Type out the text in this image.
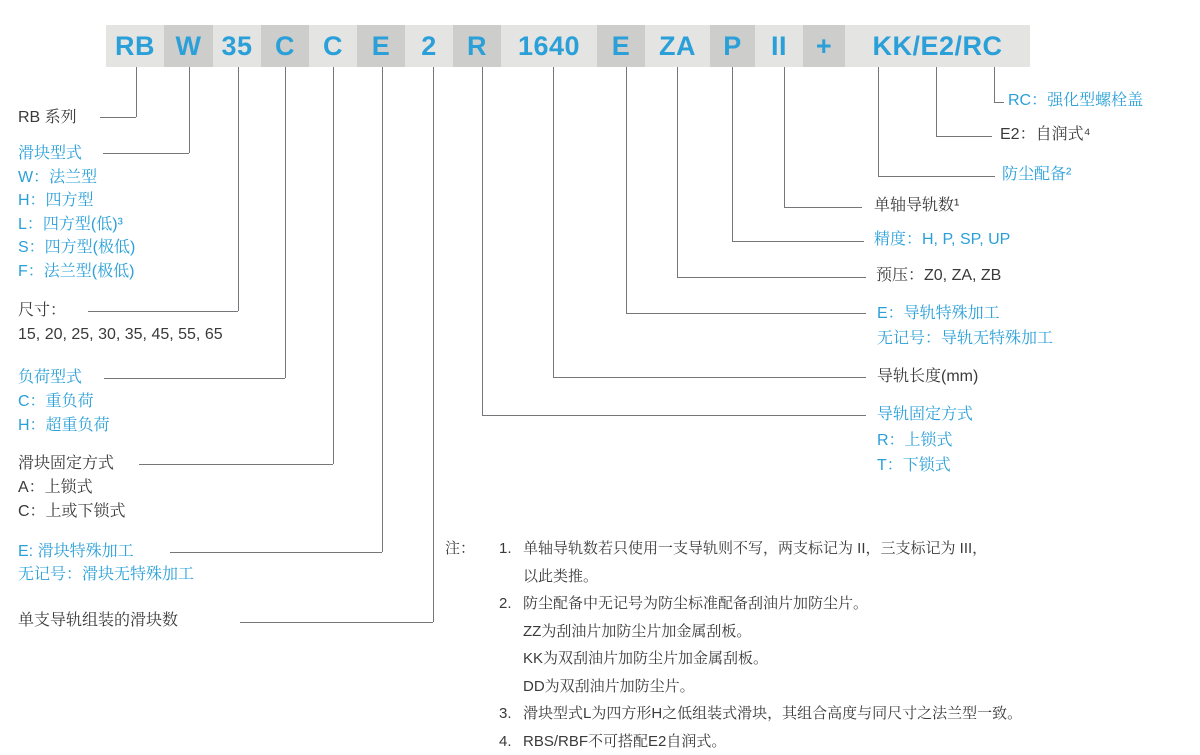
RB W 35 C	C	E	2	R	1640	E	ZA	P	II	+	KK/E2/RC
RB 系列
滑块型式
W：法兰型
H：四方型
L：四方型(低)³
S：四方型(极低)
F：法兰型(极低)
尺寸：
15, 20, 25, 30, 35, 45, 55, 65
负荷型式
C：重负荷
H：超重负荷
滑块固定方式
A：上锁式
C：上或下锁式
E: 滑块特殊加工
无记号：滑块无特殊加工
单支导轨组装的滑块数
RC：强化型螺栓盖
E2：自润式⁴
防尘配备²
单轴导轨数¹
精度：H, P, SP, UP
预压：Z0, ZA, ZB
E：导轨特殊加工
无记号：导轨无特殊加工
导轨长度(mm)
导轨固定方式
R：上锁式
T：下锁式
注：	1. 单轴导轨数若只使用一支导轨则不写，两支标记为 II，三支标记为 III，
以此类推。
2. 防尘配备中无记号为防尘标准配备刮油片加防尘片。
ZZ为刮油片加防尘片加金属刮板。
KK为双刮油片加防尘片加金属刮板。
DD为双刮油片加防尘片。
3. 滑块型式L为四方形H之低组装式滑块，其组合高度与同尺寸之法兰型一致。
4. RBS/RBF不可搭配E2自润式。
